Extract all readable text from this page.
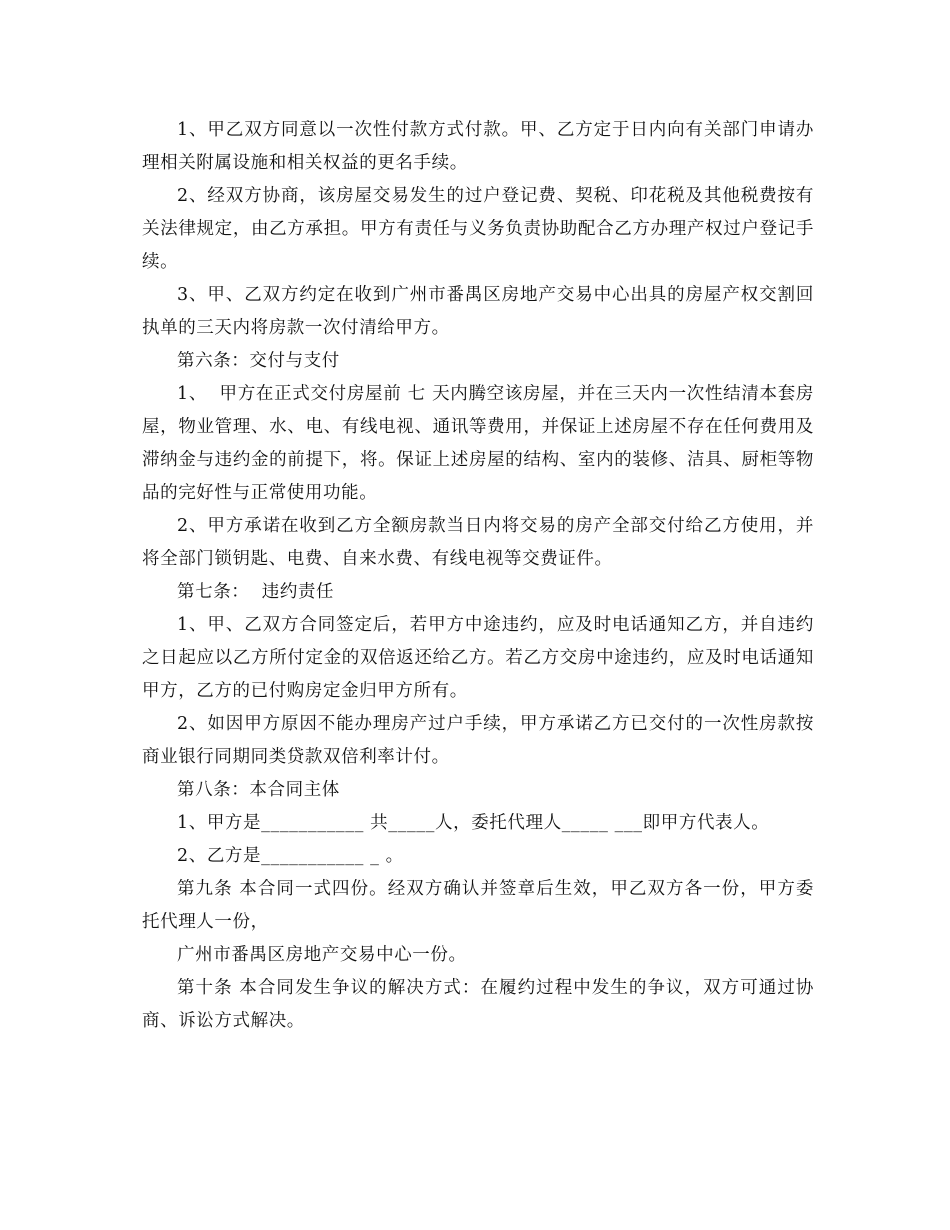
1、甲乙双方同意以一次性付款方式付款。甲、乙方定于日内向有关部门申请办理相关附属设施和相关权益的更名手续。

2、经双方协商，该房屋交易发生的过户登记费、契税、印花税及其他税费按有关法律规定，由乙方承担。甲方有责任与义务负责协助配合乙方办理产权过户登记手续。

3、甲、乙双方约定在收到广州市番禺区房地产交易中心出具的房屋产权交割回执单的三天内将房款一次付清给甲方。

第六条：交付与支付

1、  甲方在正式交付房屋前 七 天内腾空该房屋，并在三天内一次性结清本套房屋，物业管理、水、电、有线电视、通讯等费用，并保证上述房屋不存在任何费用及滞纳金与违约金的前提下，将。保证上述房屋的结构、室内的装修、洁具、厨柜等物品的完好性与正常使用功能。

2、甲方承诺在收到乙方全额房款当日内将交易的房产全部交付给乙方使用，并将全部门锁钥匙、电费、自来水费、有线电视等交费证件。

第七条：  违约责任

1、甲、乙双方合同签定后，若甲方中途违约，应及时电话通知乙方，并自违约之日起应以乙方所付定金的双倍返还给乙方。若乙方交房中途违约，应及时电话通知甲方，乙方的已付购房定金归甲方所有。

2、如因甲方原因不能办理房产过户手续，甲方承诺乙方已交付的一次性房款按商业银行同期同类贷款双倍利率计付。

第八条：本合同主体

1、甲方是___________ 共_____人，委托代理人_____ ___即甲方代表人。

2、乙方是___________ _ 。

第九条 本合同一式四份。经双方确认并签章后生效，甲乙双方各一份，甲方委托代理人一份，

广州市番禺区房地产交易中心一份。

第十条 本合同发生争议的解决方式：在履约过程中发生的争议，双方可通过协商、诉讼方式解决。
